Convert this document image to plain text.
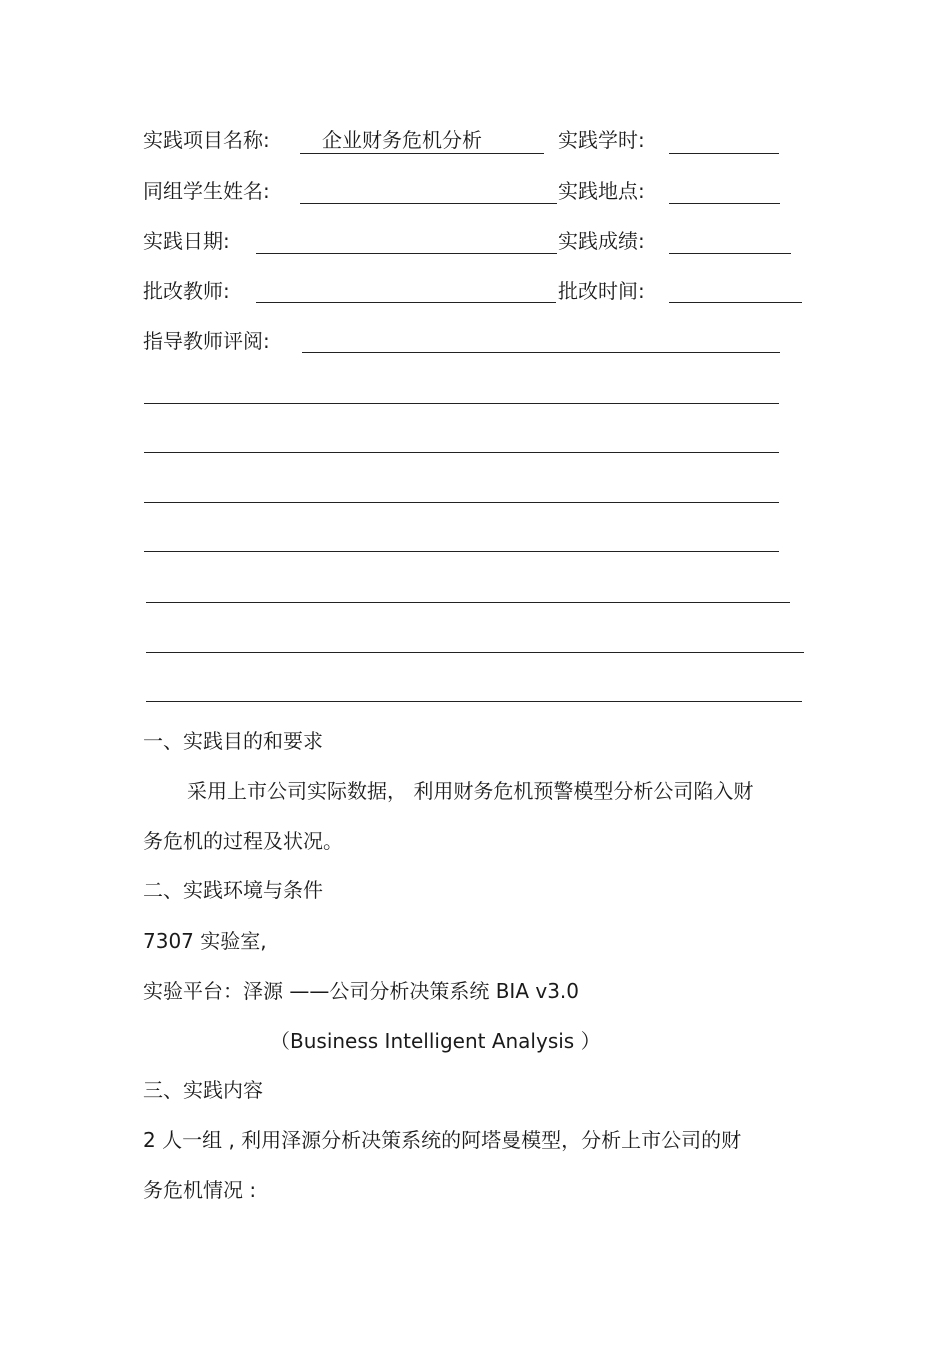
实践项目名称:	企业财务危机分析	实践学时:
同组学生姓名:	实践地点:
实践日期:	实践成绩:
批改教师:	批改时间:
指导教师评阅:
一、实践目的和要求
采用上市公司实际数据， 利用财务危机预警模型分析公司陷入财
务危机的过程及状况。
二、实践环境与条件
7307 实验室,
实验平台：泽源 ——公司分析决策系统 BIA v3.0
（Business Intelligent Analysis ）
三、实践内容
2 人一组 , 利用泽源分析决策系统的阿塔曼模型，分析上市公司的财
务危机情况 :
